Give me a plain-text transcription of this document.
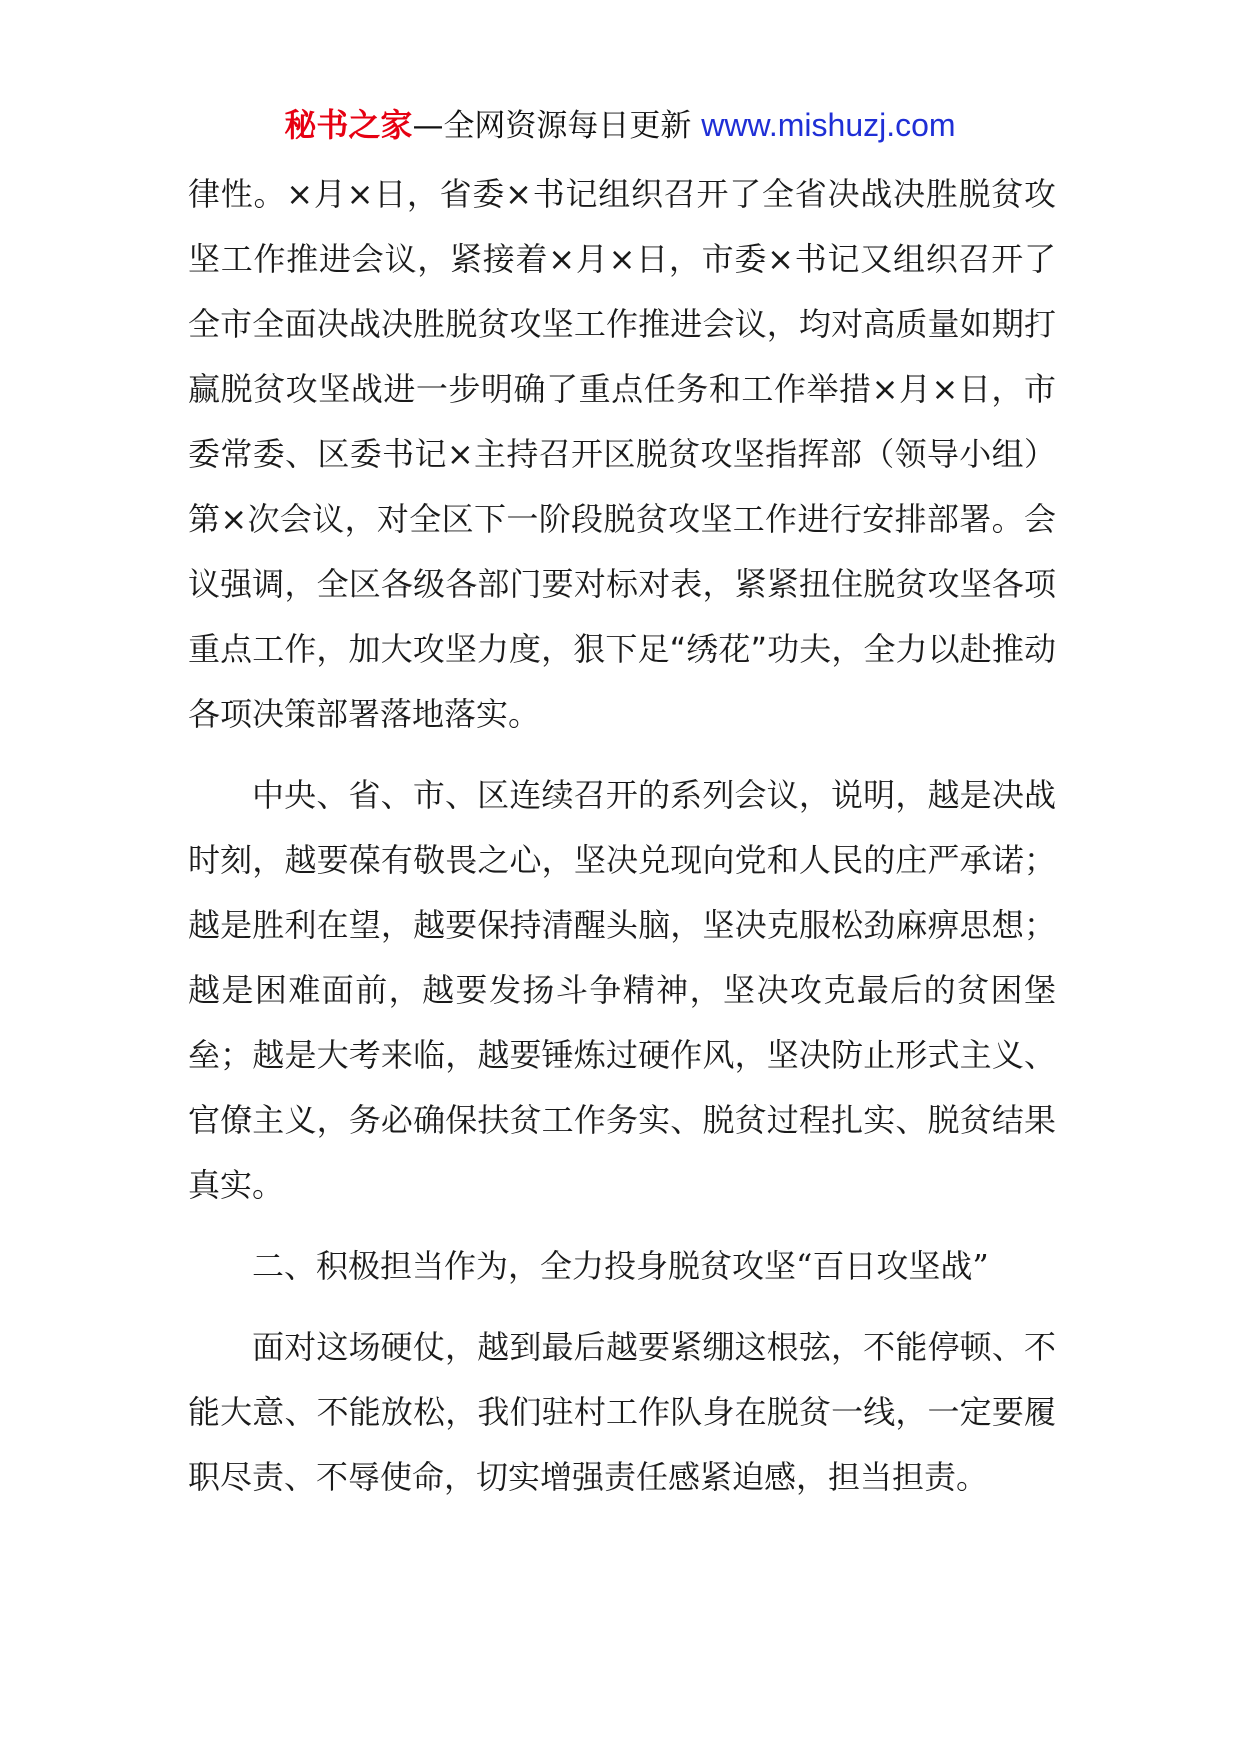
秘书之家—全网资源每日更新 www.mishuzj.com

律性。×月×日，省委×书记组织召开了全省决战决胜脱贫攻坚工作推进会议，紧接着×月×日，市委×书记又组织召开了全市全面决战决胜脱贫攻坚工作推进会议，均对高质量如期打赢脱贫攻坚战进一步明确了重点任务和工作举措×月×日，市委常委、区委书记×主持召开区脱贫攻坚指挥部（领导小组）第×次会议，对全区下一阶段脱贫攻坚工作进行安排部署。会议强调，全区各级各部门要对标对表，紧紧扭住脱贫攻坚各项重点工作，加大攻坚力度，狠下足“绣花”功夫，全力以赴推动各项决策部署落地落实。

中央、省、市、区连续召开的系列会议，说明，越是决战时刻，越要葆有敬畏之心，坚决兑现向党和人民的庄严承诺；越是胜利在望，越要保持清醒头脑，坚决克服松劲麻痹思想；越是困难面前，越要发扬斗争精神，坚决攻克最后的贫困堡垒；越是大考来临，越要锤炼过硬作风，坚决防止形式主义、官僚主义，务必确保扶贫工作务实、脱贫过程扎实、脱贫结果真实。

二、积极担当作为，全力投身脱贫攻坚“百日攻坚战”

面对这场硬仗，越到最后越要紧绷这根弦，不能停顿、不能大意、不能放松，我们驻村工作队身在脱贫一线，一定要履职尽责、不辱使命，切实增强责任感紧迫感，担当担责。
